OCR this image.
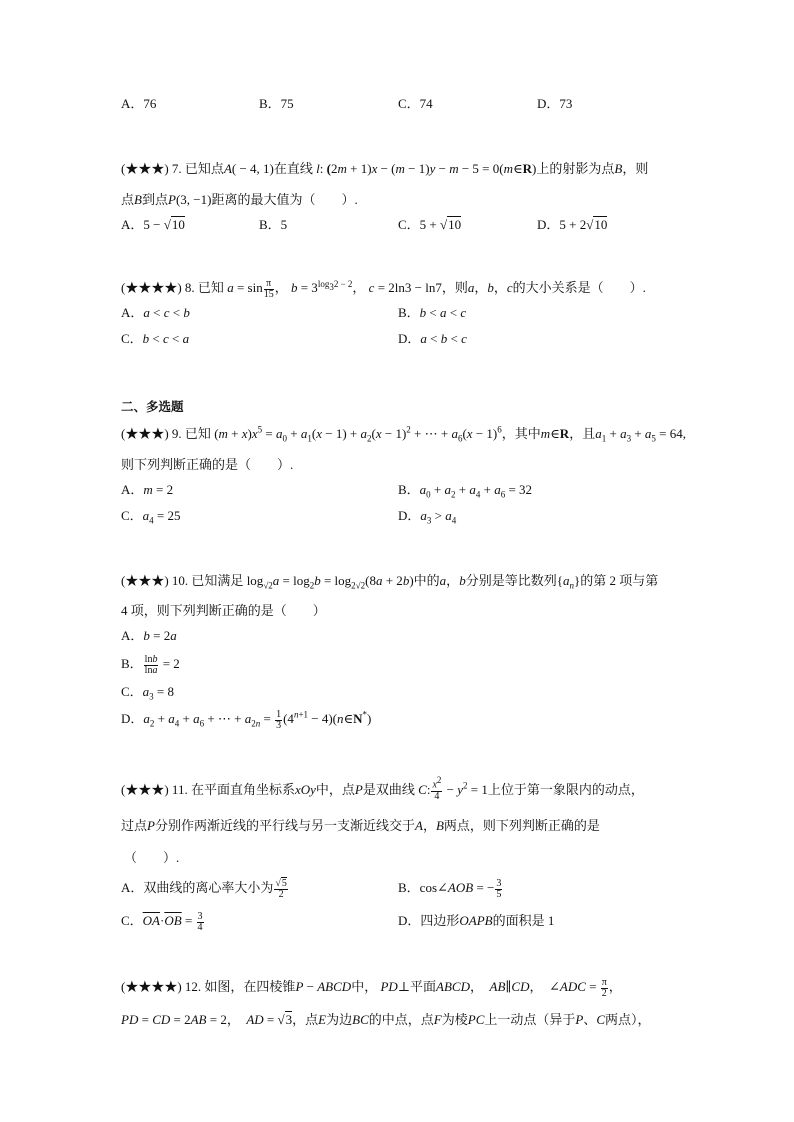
A．76	B．75	C．74	D．73
(★★★) 7. 已知点A( − 4, 1)在直线 l: (2m + 1)x − (m − 1)y − m − 5 = 0(m∈R)上的射影为点B，则
点B到点P(3, −1)距离的最大值为（　　）.
A．5 − √10	B．5	C．5 + √10	D．5 + 2√10
(★★★★) 8. 已知 $a = \sin \frac{\pi}{15}$ ， $b = 3^{log_32 - 2}$， c = 2ln3 − ln7，则a，b，c的大小关系是（　　）.
A．a < c < b	B．b < a < c
C．b < c < a	D．a < b < c
二、多选题
(★★★) 9. 已知 $(m + x)x^5 = a_0 + a_1(x - 1) + a_2(x - 1)^2$ + ⋯ + $a_6(x - 1)^6$，其中m∈R，且$a_1 + a_3 + a_5 = 64$,
则下列判断正确的是（　　）.
A．m = 2	B．$a_0 + a_2 + a_4 + a_6 = 32$
C．$a_4 = 25$	D．$a_3 > a_4$
(★★★) 10. 已知满足 $\log_{√2}a = \log_2b = \log_{2√2}(8a + 2b)$中的a，b分别是等比数列$\{a_n\}$的第 2 项与第
4 项，则下列判断正确的是（　　）
A．b = 2a
B． $\frac{\ln b}{\ln a} = 2$
C．$a_3 = 8$
D．$a_2 + a_4 + a_6$ + ⋯ + $a_{2n} = \frac{1}{3} (4^{n+1}$ − 4)(n∈N*)
(★★★) 11. 在平面直角坐标系xOy中，点P是双曲线 C: $\frac{x^2}{4} - y^2 = 1$上位于第一象限内的动点，
过点P分别作两渐近线的平行线与另一支渐近线交于A，B两点，则下列判断正确的是
（　　）.
A．双曲线的离心率大小为 $\frac{√5}{2}$	B．cos∠AOB = − $\frac{3}{5}$
C．$\overline{OA}\cdot\overline{OB} = \frac{3}{4}$	D．四边形OAPB的面积是 1
(★★★★) 12. 如图，在四棱锥P − ABCD中， PD⊥平面ABCD，  AB∥CD，  ∠ADC = $\frac{\pi}{2}$ ，
PD = CD = 2AB = 2，  AD = √3，点E为边BC的中点，点F为棱PC上一动点（异于P、C两点），
